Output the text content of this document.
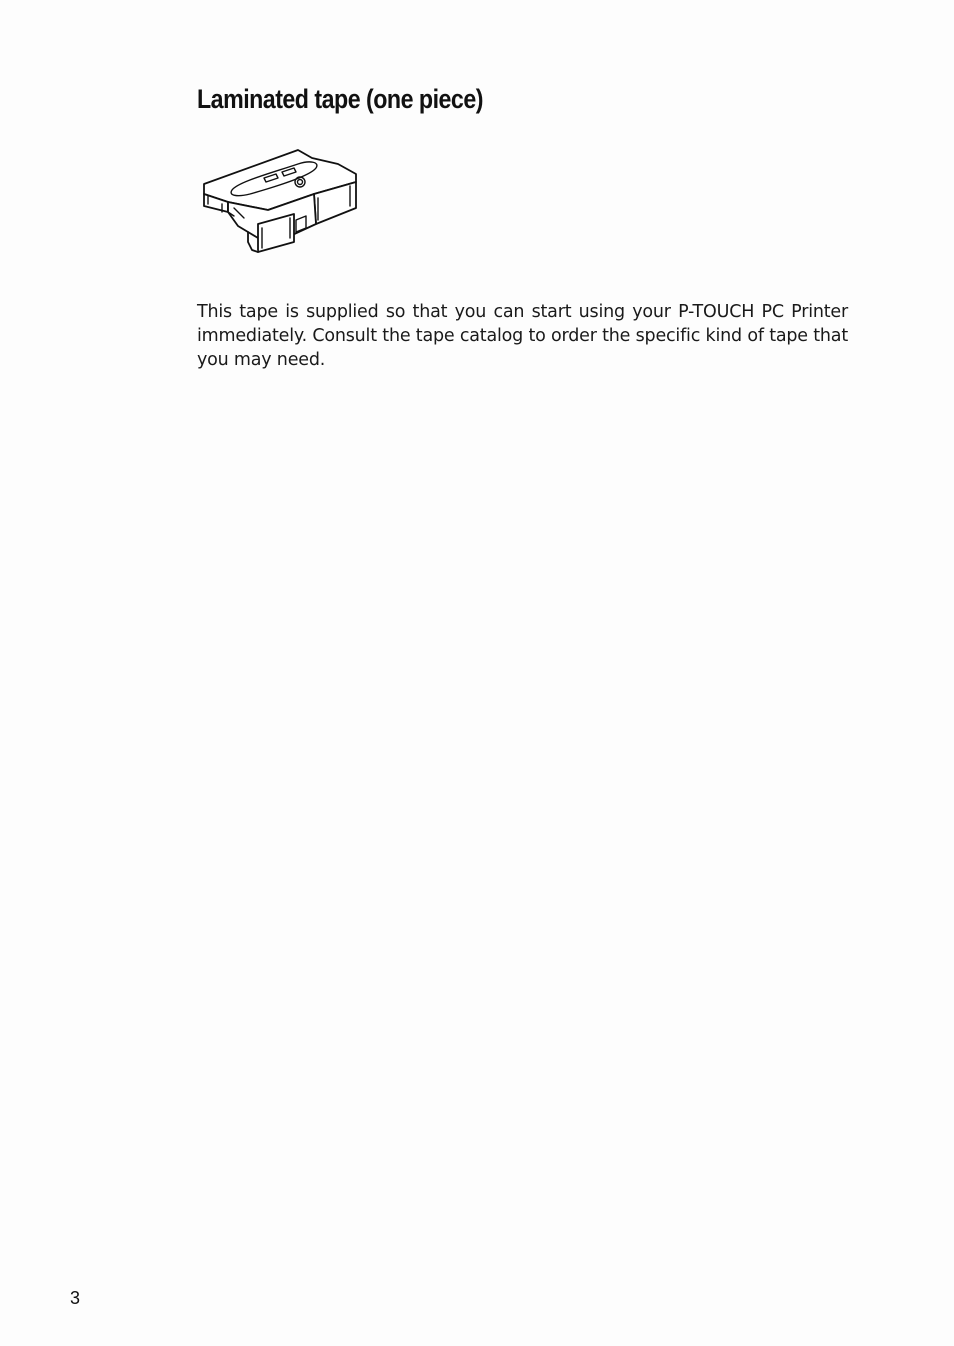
Laminated tape (one piece)

This tape is supplied so that you can start using your P-TOUCH PC Printer immediately. Consult the tape catalog to order the specific kind of tape that you may need.

3
